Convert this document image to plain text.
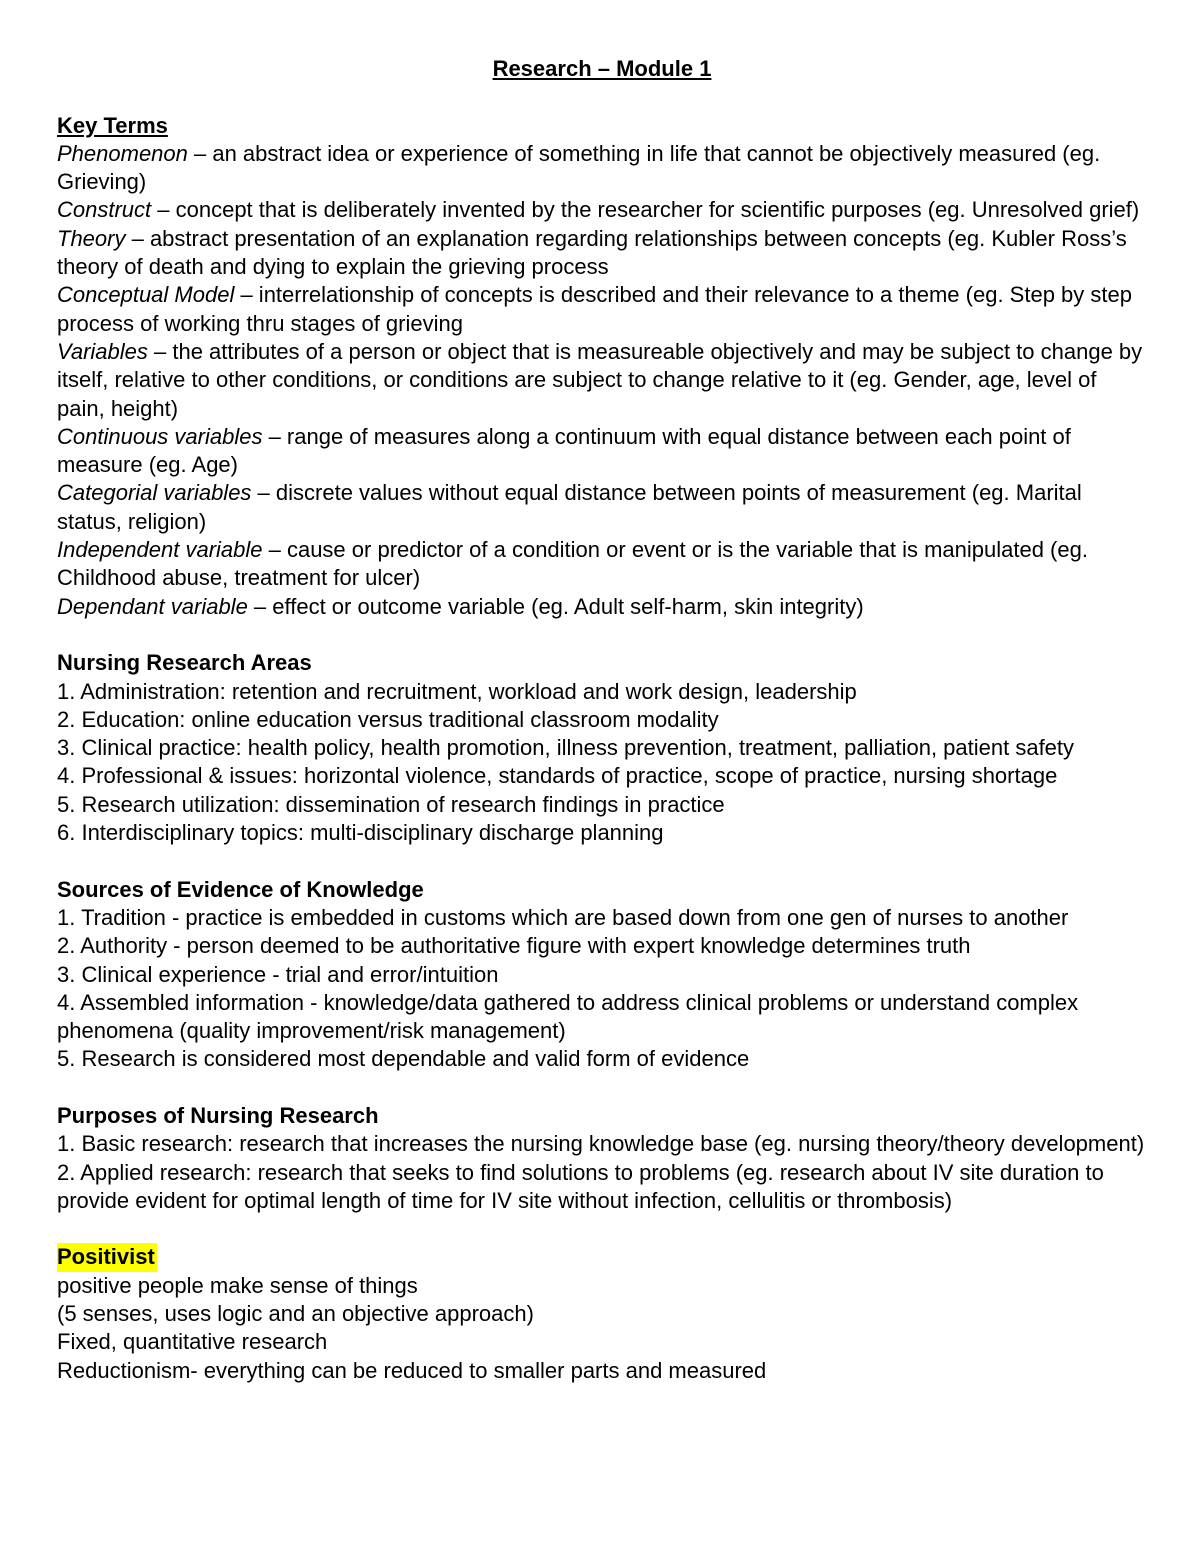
Research – Module 1

Key Terms

Phenomenon – an abstract idea or experience of something in life that cannot be objectively measured (eg. Grieving)

Construct – concept that is deliberately invented by the researcher for scientific purposes (eg. Unresolved grief)

Theory – abstract presentation of an explanation regarding relationships between concepts (eg. Kubler Ross’s theory of death and dying to explain the grieving process

Conceptual Model – interrelationship of concepts is described and their relevance to a theme (eg. Step by step process of working thru stages of grieving

Variables – the attributes of a person or object that is measureable objectively and may be subject to change by itself, relative to other conditions, or conditions are subject to change relative to it (eg. Gender, age, level of pain, height)

Continuous variables – range of measures along a continuum with equal distance between each point of measure (eg. Age)

Categorial variables – discrete values without equal distance between points of measurement (eg. Marital status, religion)

Independent variable – cause or predictor of a condition or event or is the variable that is manipulated (eg. Childhood abuse, treatment for ulcer)

Dependant variable – effect or outcome variable (eg. Adult self-harm, skin integrity)

Nursing Research Areas

1. Administration: retention and recruitment, workload and work design, leadership

2. Education: online education versus traditional classroom modality

3. Clinical practice: health policy, health promotion, illness prevention, treatment, palliation, patient safety

4. Professional & issues: horizontal violence, standards of practice, scope of practice, nursing shortage

5. Research utilization: dissemination of research findings in practice

6. Interdisciplinary topics: multi-disciplinary discharge planning

Sources of Evidence of Knowledge

1. Tradition - practice is embedded in customs which are based down from one gen of nurses to another

2. Authority - person deemed to be authoritative figure with expert knowledge determines truth

3. Clinical experience - trial and error/intuition

4. Assembled information - knowledge/data gathered to address clinical problems or understand complex phenomena (quality improvement/risk management)

5. Research is considered most dependable and valid form of evidence

Purposes of Nursing Research

1. Basic research: research that increases the nursing knowledge base (eg. nursing theory/theory development)

2. Applied research: research that seeks to find solutions to problems (eg. research about IV site duration to provide evident for optimal length of time for IV site without infection, cellulitis or thrombosis)

Positivist

positive people make sense of things

(5 senses, uses logic and an objective approach)

Fixed, quantitative research

Reductionism- everything can be reduced to smaller parts and measured
